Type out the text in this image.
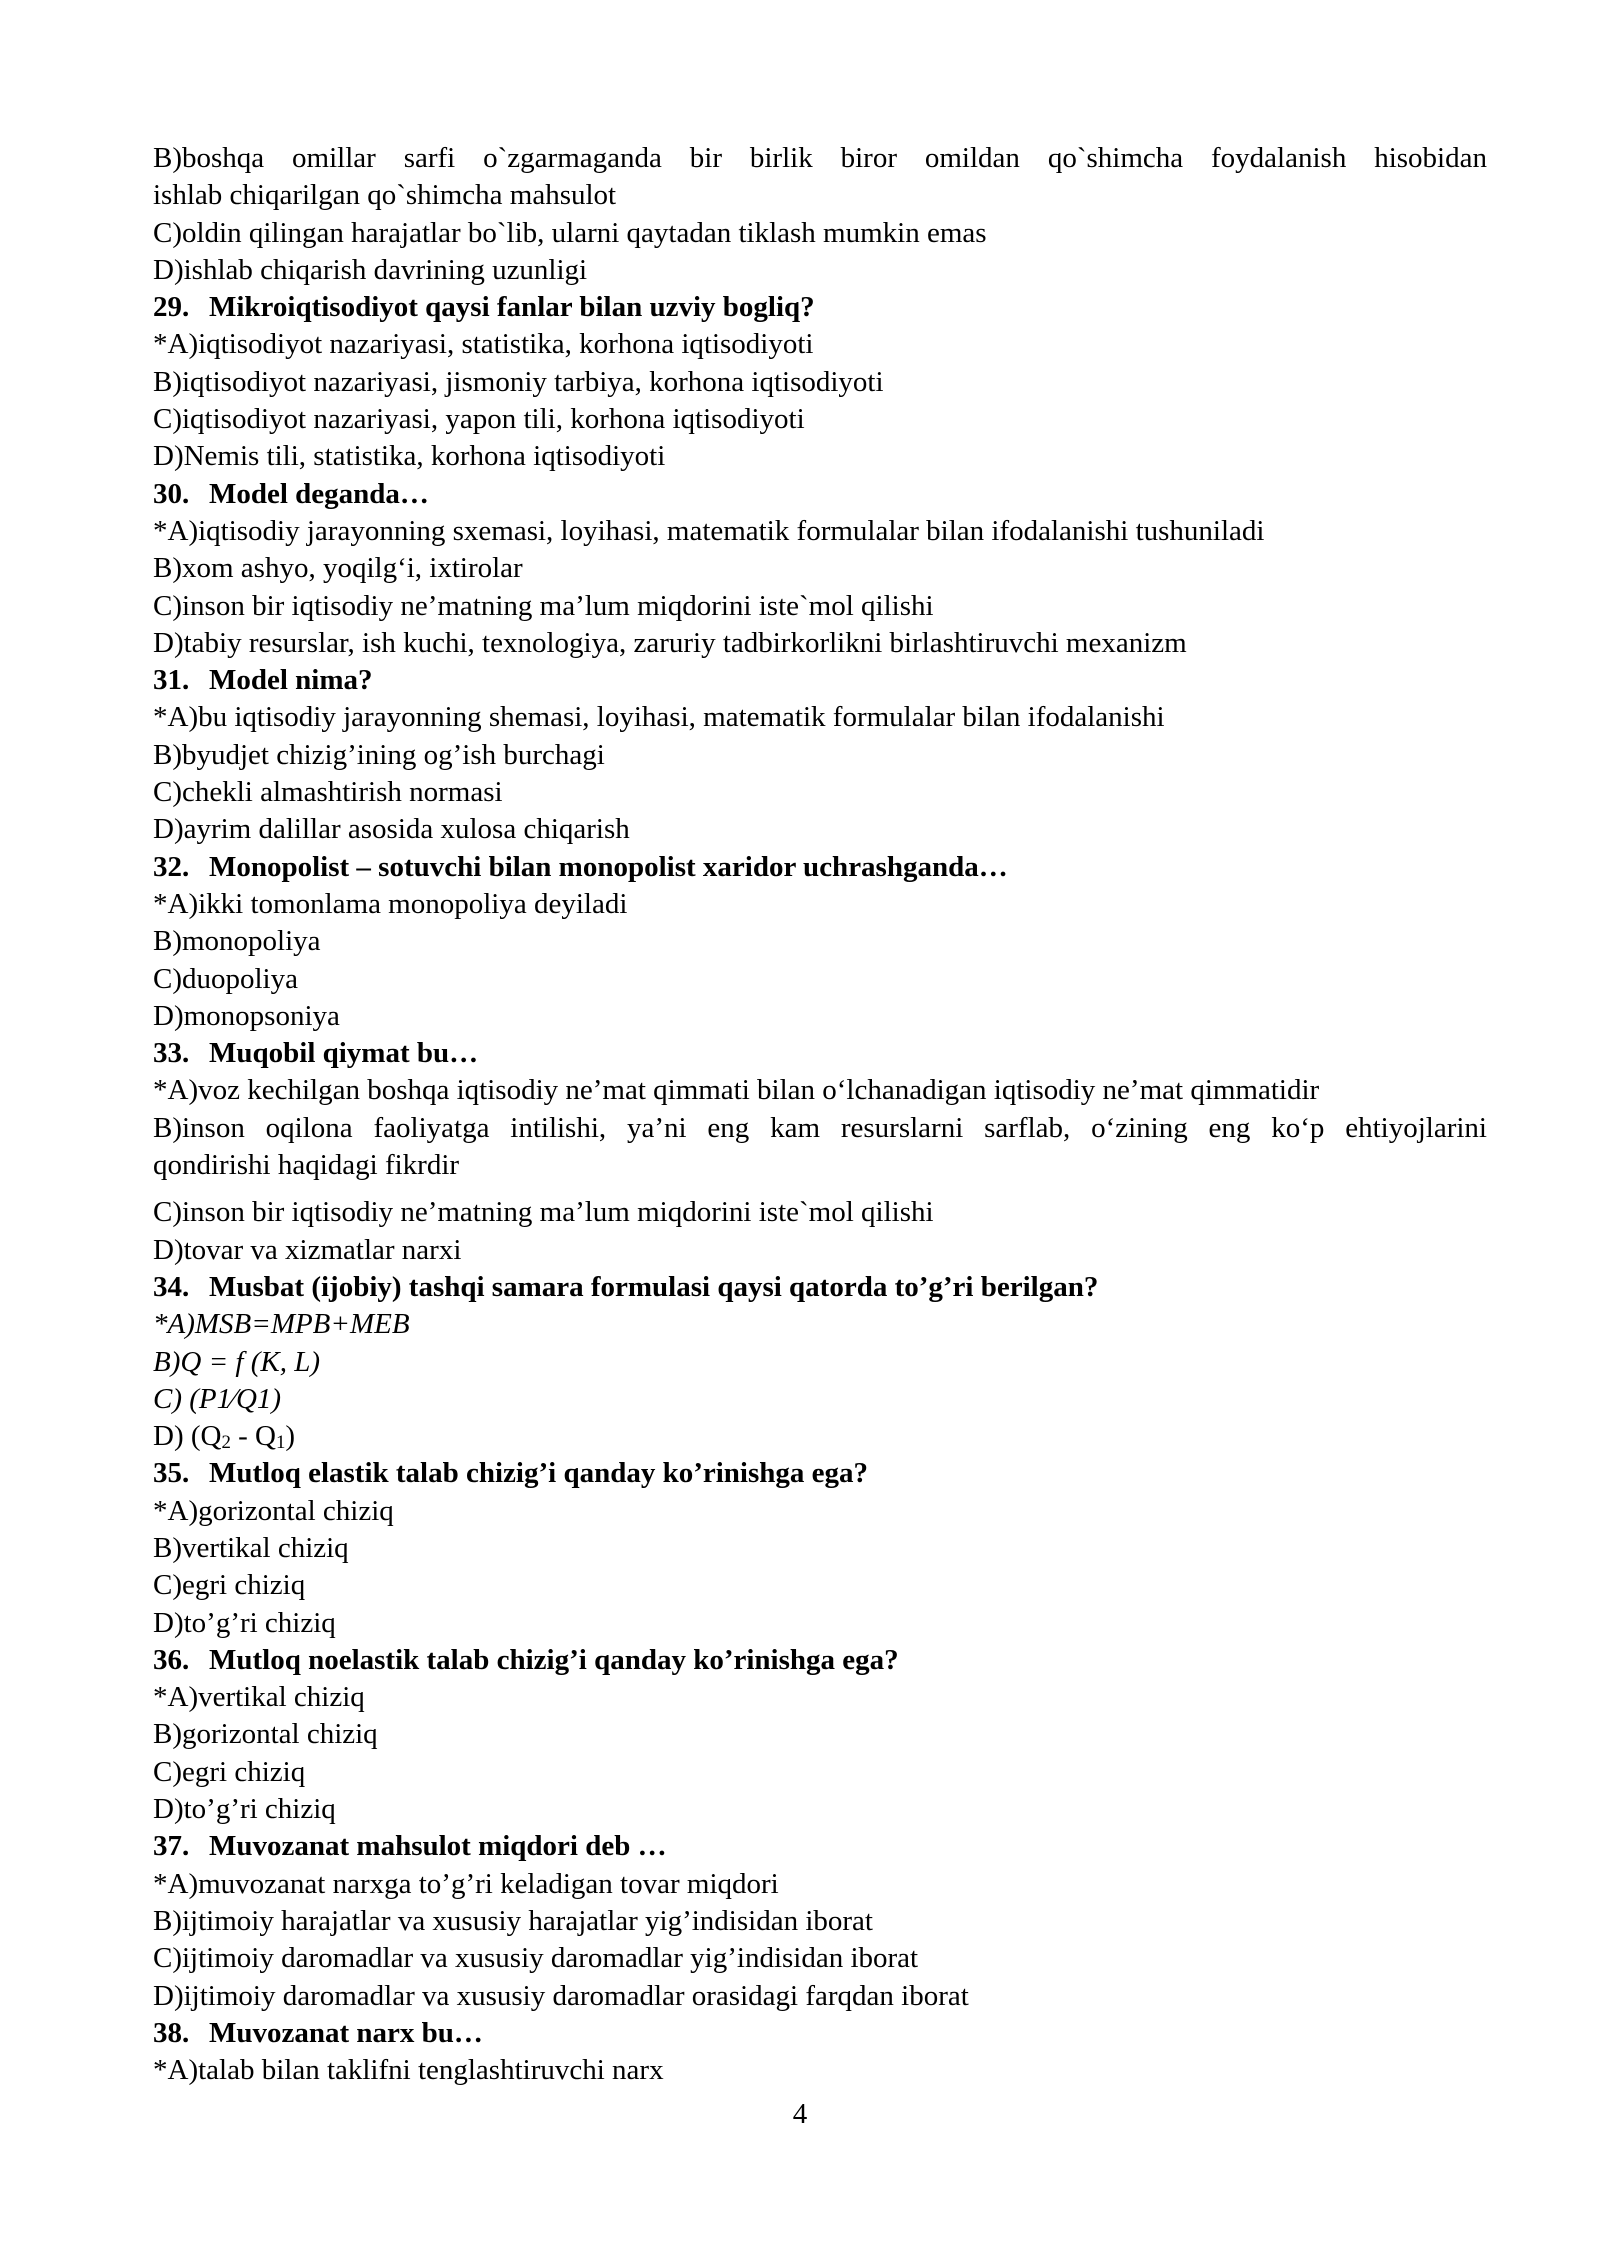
B)boshqa omillar sarfi o`zgarmaganda bir birlik biror omildan qo`shimcha foydalanish hisobidan
ishlab chiqarilgan qo`shimcha mahsulot
C)oldin qilingan harajatlar bo`lib, ularni qaytadan tiklash mumkin emas
D)ishlab chiqarish davrining uzunligi
29. Mikroiqtisodiyot qaysi fanlar bilan uzviy bogliq?
*A)iqtisodiyot nazariyasi, statistika, korhona iqtisodiyoti
B)iqtisodiyot nazariyasi, jismoniy tarbiya, korhona iqtisodiyoti
C)iqtisodiyot nazariyasi, yapon tili, korhona iqtisodiyoti
D)Nemis tili, statistika, korhona iqtisodiyoti
30. Model deganda…
*A)iqtisodiy jarayonning sxemasi, loyihasi, matematik formulalar bilan ifodalanishi tushuniladi
B)xom ashyo, yoqilg‘i, ixtirolar
C)inson bir iqtisodiy ne’matning ma’lum miqdorini iste`mol qilishi
D)tabiy resurslar, ish kuchi, texnologiya, zaruriy tadbirkorlikni birlashtiruvchi mexanizm
31. Model nima?
*A)bu iqtisodiy jarayonning shemasi, loyihasi, matematik formulalar bilan ifodalanishi
B)byudjet chizig’ining og’ish burchagi
C)chekli almashtirish normasi
D)ayrim dalillar asosida xulosa chiqarish
32. Monopolist – sotuvchi bilan monopolist xaridor uchrashganda…
*A)ikki tomonlama monopoliya deyiladi
B)monopoliya
C)duopoliya
D)monopsoniya
33. Muqobil qiymat bu…
*A)voz kechilgan boshqa iqtisodiy ne’mat qimmati bilan o‘lchanadigan iqtisodiy ne’mat qimmatidir
B)inson oqilona faoliyatga intilishi, ya’ni eng kam resurslarni sarflab, o‘zining eng ko‘p ehtiyojlarini
qondirishi haqidagi fikrdir
C)inson bir iqtisodiy ne’matning ma’lum miqdorini iste`mol qilishi
D)tovar va xizmatlar narxi
34. Musbat (ijobiy) tashqi samara formulasi qaysi qatorda to’g’ri berilgan?
*A)MSB=MPB+MEB
B)Q = f (K, L)
C) (P1⁄Q1)
D) $(Q_2 - Q_1)$
35. Mutloq elastik talab chizig’i qanday ko’rinishga ega?
*A)gorizontal chiziq
B)vertikal chiziq
C)egri chiziq
D)to’g’ri chiziq
36. Mutloq noelastik talab chizig’i qanday ko’rinishga ega?
*A)vertikal chiziq
B)gorizontal chiziq
C)egri chiziq
D)to’g’ri chiziq
37. Muvozanat mahsulot miqdori deb …
*A)muvozanat narxga to’g’ri keladigan tovar miqdori
B)ijtimoiy harajatlar va xususiy harajatlar yig’indisidan iborat
C)ijtimoiy daromadlar va xususiy daromadlar yig’indisidan iborat
D)ijtimoiy daromadlar va xususiy daromadlar orasidagi farqdan iborat
38. Muvozanat narx bu…
*A)talab bilan taklifni tenglashtiruvchi narx
4
